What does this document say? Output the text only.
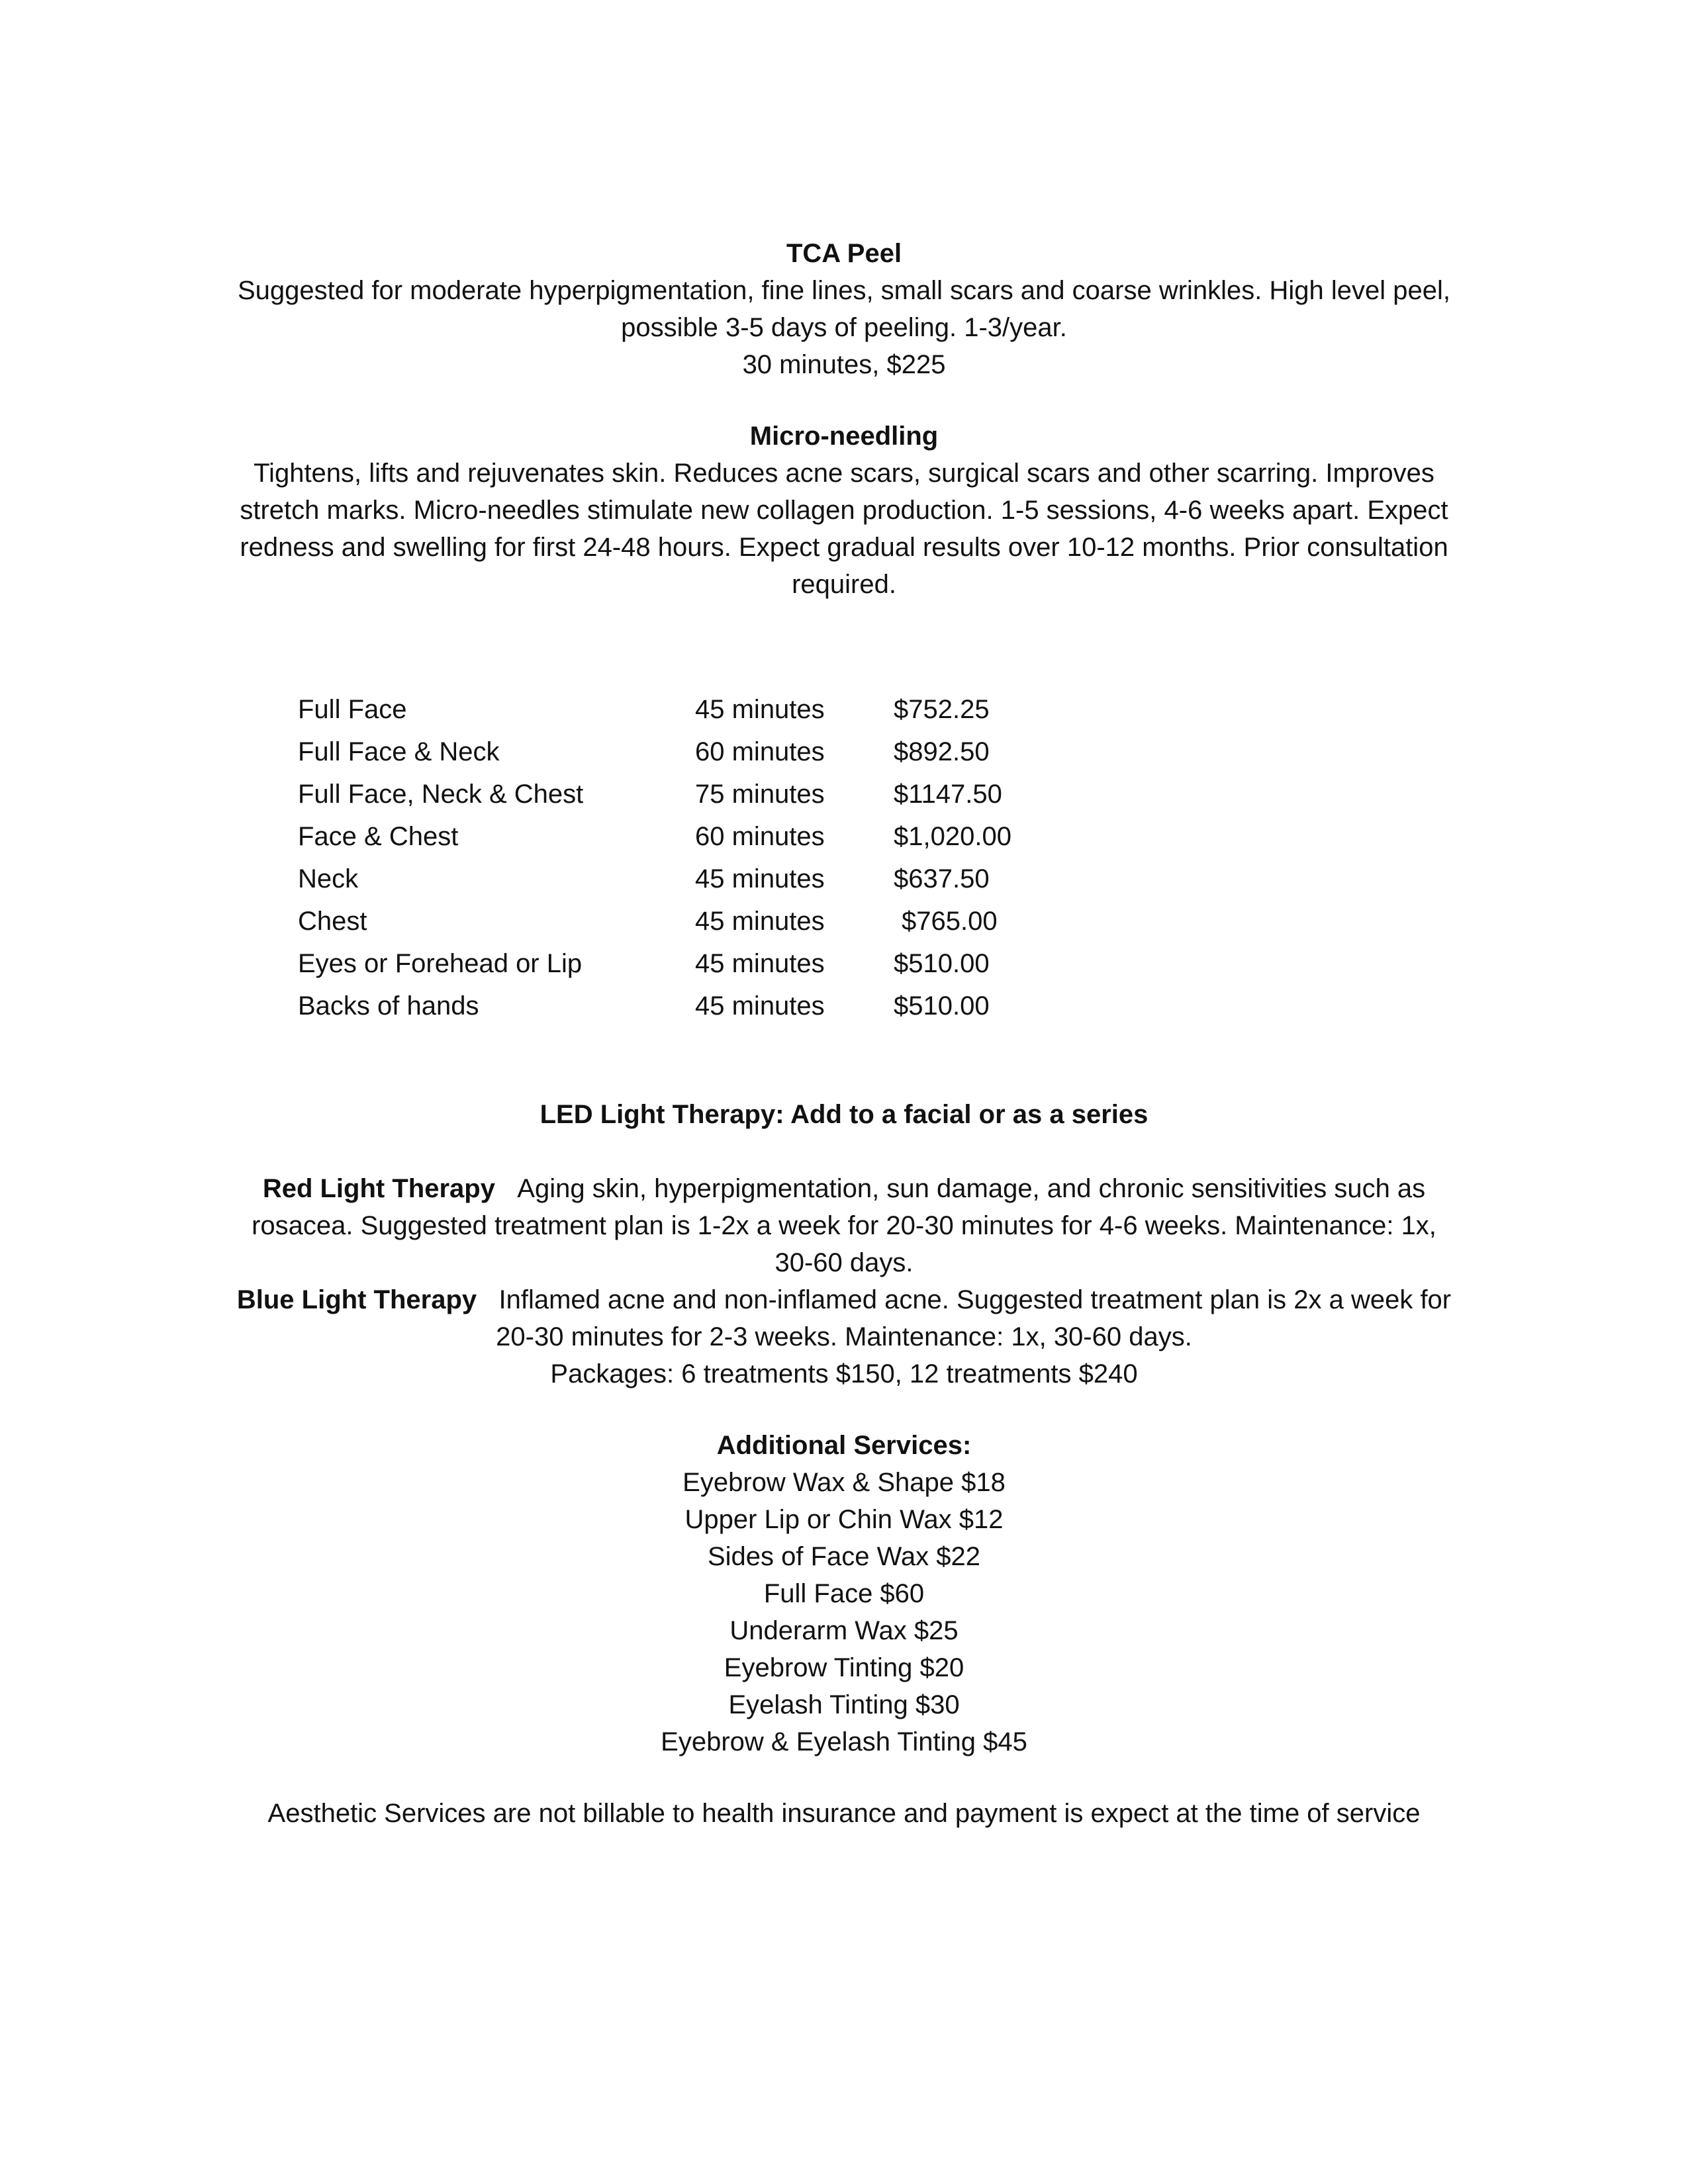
TCA Peel

Suggested for moderate hyperpigmentation, fine lines, small scars and coarse wrinkles. High level peel,

possible 3-5 days of peeling. 1-3/year.

30 minutes, $225

Micro-needling

Tightens, lifts and rejuvenates skin. Reduces acne scars, surgical scars and other scarring. Improves

stretch marks. Micro-needles stimulate new collagen production. 1-5 sessions, 4-6 weeks apart. Expect

redness and swelling for first 24-48 hours. Expect gradual results over 10-12 months. Prior consultation

required.

Full Face	45 minutes	$752.25
Full Face & Neck	60 minutes	$892.50
Full Face, Neck & Chest	75 minutes	$1147.50
Face & Chest	60 minutes	$1,020.00
Neck	45 minutes	$637.50
Chest	45 minutes	$765.00
Eyes or Forehead or Lip	45 minutes	$510.00
Backs of hands	45 minutes	$510.00

LED Light Therapy: Add to a facial or as a series

Red Light Therapy Aging skin, hyperpigmentation, sun damage, and chronic sensitivities such as

rosacea. Suggested treatment plan is 1-2x a week for 20-30 minutes for 4-6 weeks. Maintenance: 1x,

30-60 days.

Blue Light Therapy Inflamed acne and non-inflamed acne. Suggested treatment plan is 2x a week for

20-30 minutes for 2-3 weeks. Maintenance: 1x, 30-60 days.

Packages: 6 treatments $150, 12 treatments $240

Additional Services:

Eyebrow Wax & Shape $18

Upper Lip or Chin Wax $12

Sides of Face Wax $22

Full Face $60

Underarm Wax $25

Eyebrow Tinting $20

Eyelash Tinting $30

Eyebrow & Eyelash Tinting $45

Aesthetic Services are not billable to health insurance and payment is expect at the time of service
